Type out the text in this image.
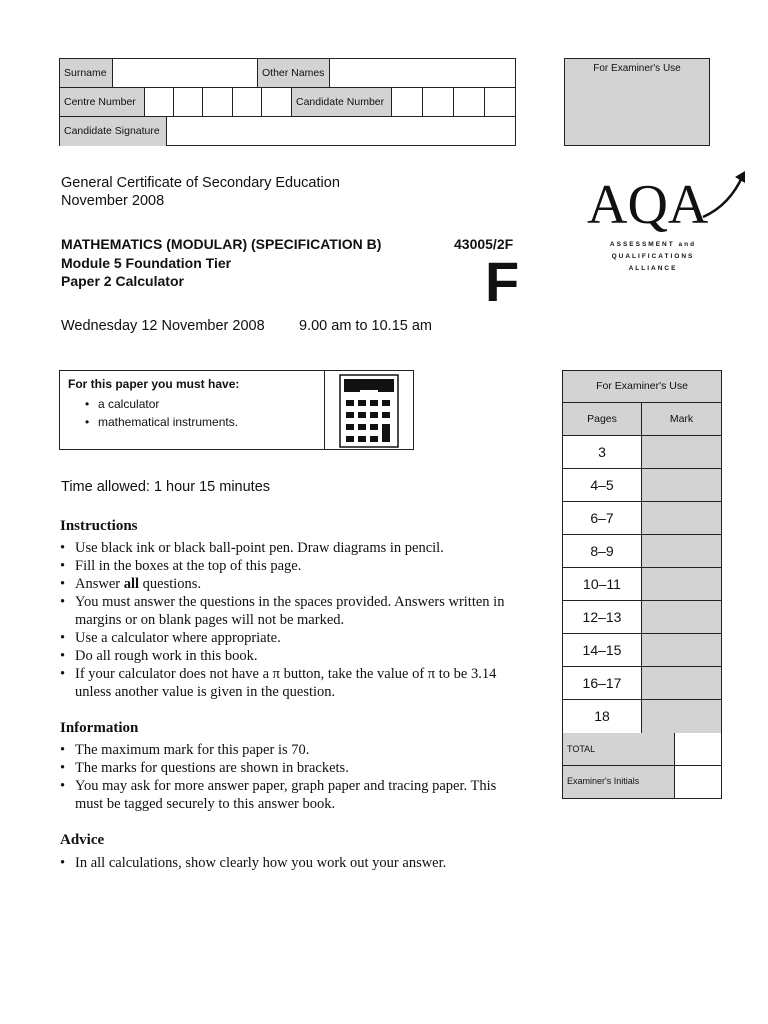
Surname	Other Names
Centre Number	Candidate Number
Candidate Signature
For Examiner's Use
General Certificate of Secondary Education
November 2008	AQA
ASSESSMENT and
QUALIFICATIONS
ALLIANCE
MATHEMATICS (MODULAR) (SPECIFICATION B)	43005/2F
Module 5 Foundation Tier
Paper 2 Calculator	F
Wednesday 12 November 2008 9.00 am to 10.15 am
For this paper you must have:
• a calculator
• mathematical instruments.
Time allowed: 1 hour 15 minutes
Instructions
• Use black ink or black ball-point pen. Draw diagrams in pencil.
• Fill in the boxes at the top of this page.
• Answer all questions.
• You must answer the questions in the spaces provided. Answers written in margins or on blank pages will not be marked.
• Use a calculator where appropriate.
• Do all rough work in this book.
• If your calculator does not have a π button, take the value of π to be 3.14 unless another value is given in the question.
Information
• The maximum mark for this paper is 70.
• The marks for questions are shown in brackets.
• You may ask for more answer paper, graph paper and tracing paper. This must be tagged securely to this answer book.
Advice
• In all calculations, show clearly how you work out your answer.
For Examiner's Use
Pages	Mark
3
4–5
6–7
8–9
10–11
12–13
14–15
16–17
18
TOTAL
Examiner's Initials
